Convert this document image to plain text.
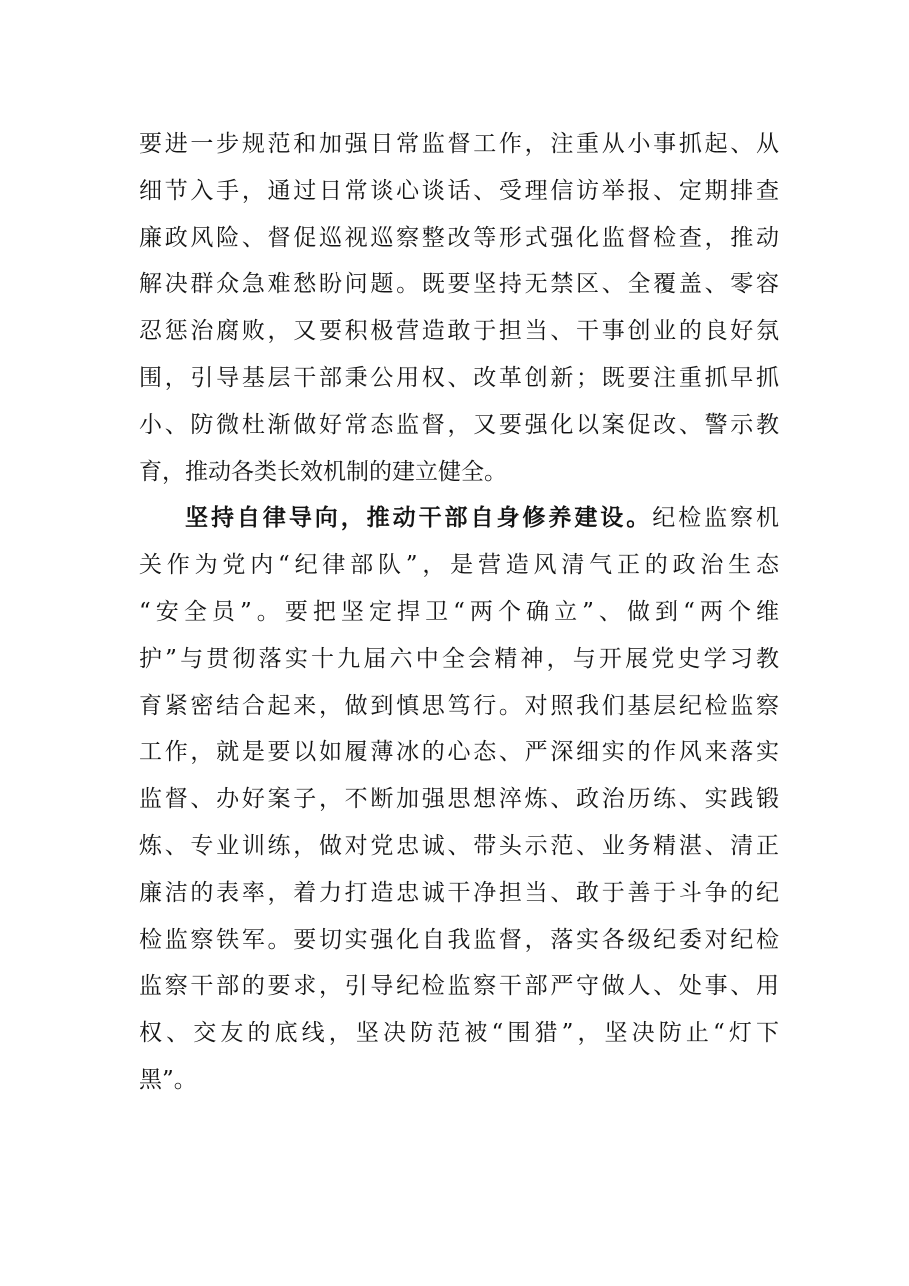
要进一步规范和加强日常监督工作，注重从小事抓起、从
细节入手，通过日常谈心谈话、受理信访举报、定期排查
廉政风险、督促巡视巡察整改等形式强化监督检查，推动
解决群众急难愁盼问题。既要坚持无禁区、全覆盖、零容
忍惩治腐败，又要积极营造敢于担当、干事创业的良好氛
围，引导基层干部秉公用权、改革创新；既要注重抓早抓
小、防微杜渐做好常态监督，又要强化以案促改、警示教
育，推动各类长效机制的建立健全。
坚持自律导向，推动干部自身修养建设。纪检监察机
关作为党内“纪律部队”，是营造风清气正的政治生态
“安全员”。要把坚定捍卫“两个确立”、做到“两个维
护”与贯彻落实十九届六中全会精神，与开展党史学习教
育紧密结合起来，做到慎思笃行。对照我们基层纪检监察
工作，就是要以如履薄冰的心态、严深细实的作风来落实
监督、办好案子，不断加强思想淬炼、政治历练、实践锻
炼、专业训练，做对党忠诚、带头示范、业务精湛、清正
廉洁的表率，着力打造忠诚干净担当、敢于善于斗争的纪
检监察铁军。要切实强化自我监督，落实各级纪委对纪检
监察干部的要求，引导纪检监察干部严守做人、处事、用
权、交友的底线，坚决防范被“围猎”，坚决防止“灯下
黑”。
